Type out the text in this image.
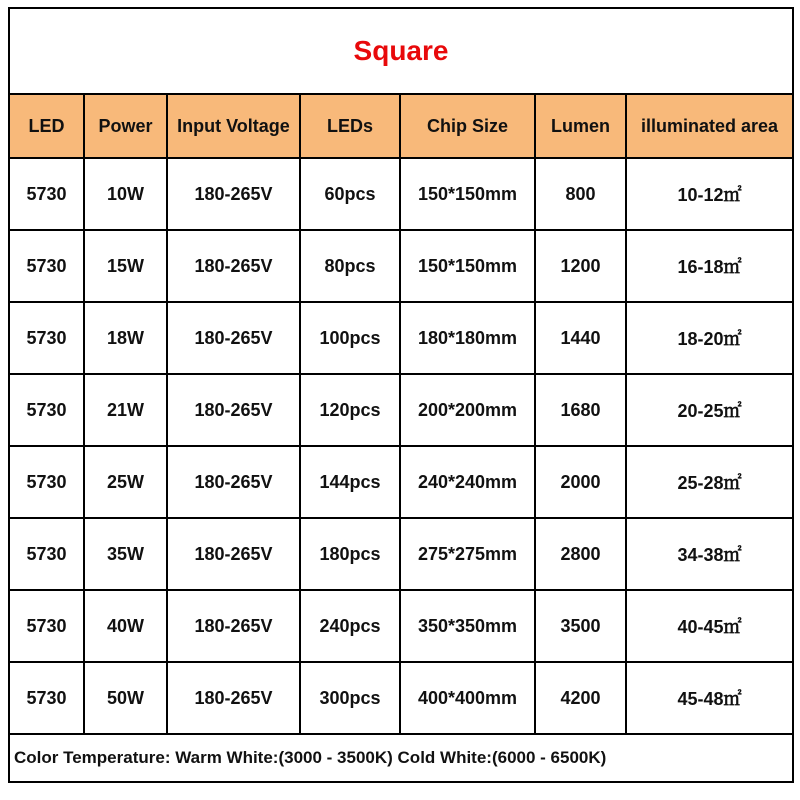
Square						
LED	Power	Input Voltage	LEDs	Chip Size	Lumen	illuminated area
5730	10W	180-265V	60pcs	150*150mm	800	10-12㎡
5730	15W	180-265V	80pcs	150*150mm	1200	16-18㎡
5730	18W	180-265V	100pcs	180*180mm	1440	18-20㎡
5730	21W	180-265V	120pcs	200*200mm	1680	20-25㎡
5730	25W	180-265V	144pcs	240*240mm	2000	25-28㎡
5730	35W	180-265V	180pcs	275*275mm	2800	34-38㎡
5730	40W	180-265V	240pcs	350*350mm	3500	40-45㎡
5730	50W	180-265V	300pcs	400*400mm	4200	45-48㎡
Color Temperature: Warm White:(3000 - 3500K) Cold White:(6000 - 6500K)						
